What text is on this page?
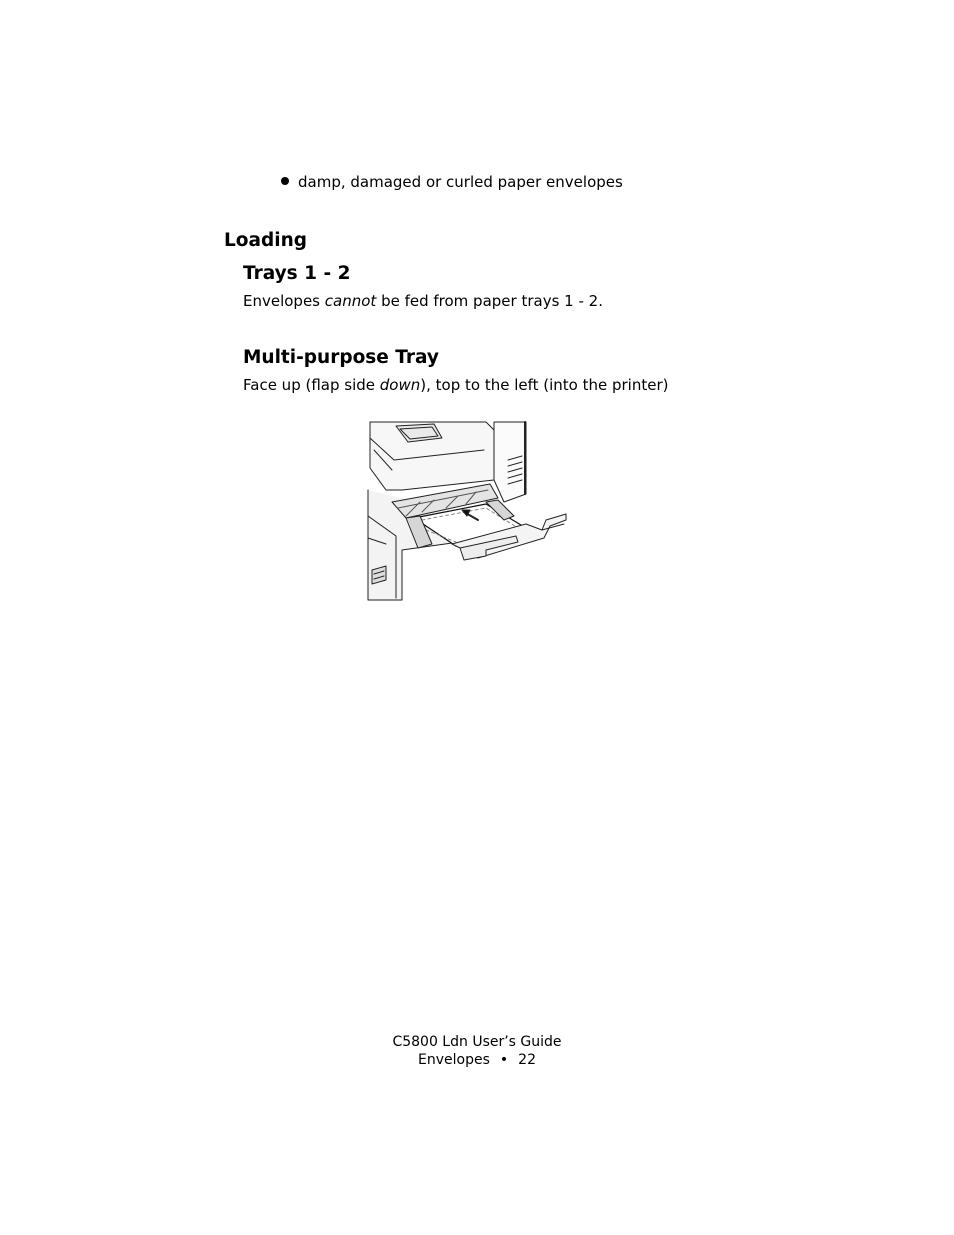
damp, damaged or curled paper envelopes
Loading
Trays 1 - 2

Envelopes cannot be fed from paper trays 1 - 2.

Multi-purpose Tray

Face up (flap side down), top to the left (into the printer)

C5800 Ldn User’s Guide
Envelopes • 22
